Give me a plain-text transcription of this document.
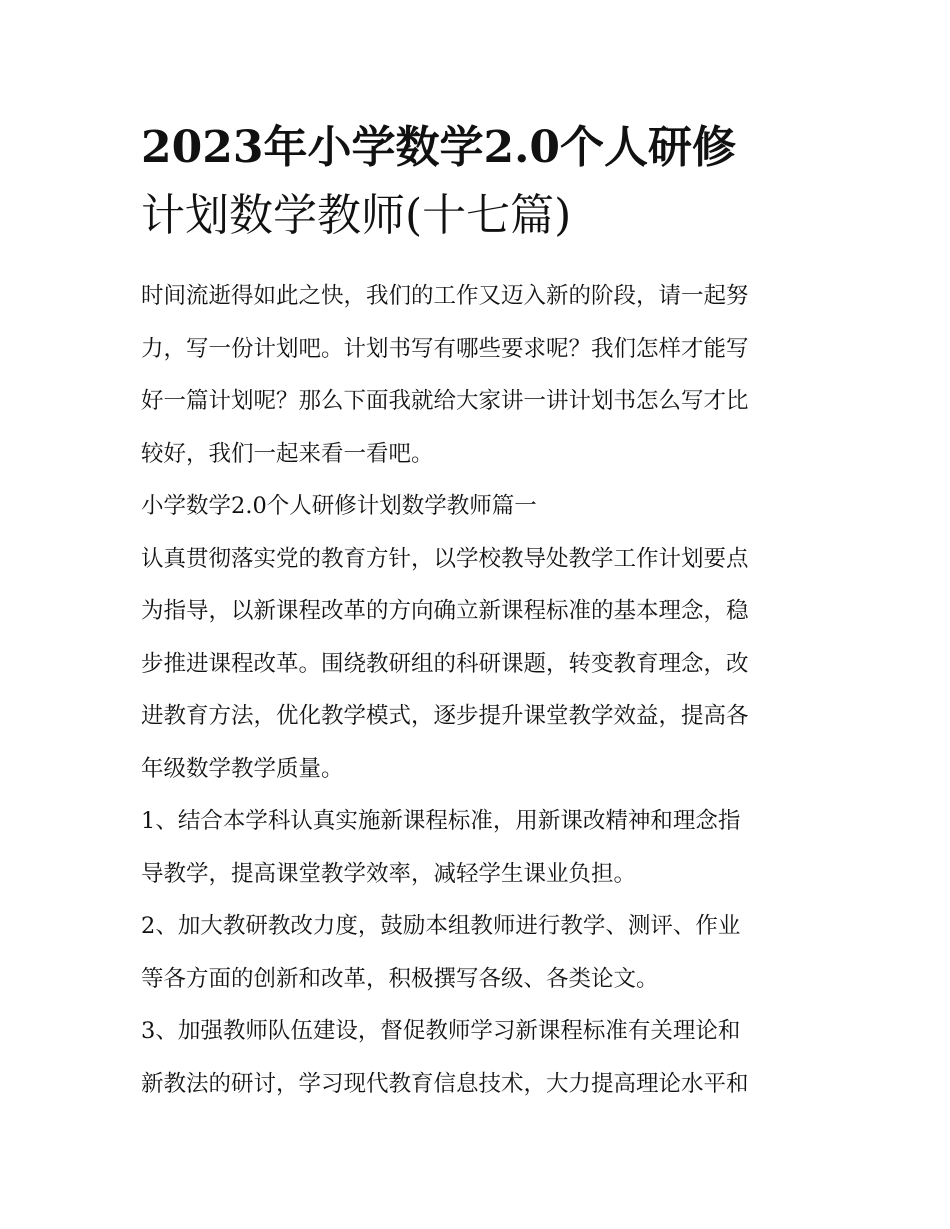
2023年小学数学2.0个人研修
计划数学教师(十七篇)
时间流逝得如此之快，我们的工作又迈入新的阶段，请一起努
力，写一份计划吧。计划书写有哪些要求呢？我们怎样才能写
好一篇计划呢？那么下面我就给大家讲一讲计划书怎么写才比
较好，我们一起来看一看吧。
小学数学2.0个人研修计划数学教师篇一
认真贯彻落实党的教育方针，以学校教导处教学工作计划要点
为指导，以新课程改革的方向确立新课程标准的基本理念，稳
步推进课程改革。围绕教研组的科研课题，转变教育理念，改
进教育方法，优化教学模式，逐步提升课堂教学效益，提高各
年级数学教学质量。
1、结合本学科认真实施新课程标准，用新课改精神和理念指
导教学，提高课堂教学效率，减轻学生课业负担。
2、加大教研教改力度，鼓励本组教师进行教学、测评、作业
等各方面的创新和改革，积极撰写各级、各类论文。
3、加强教师队伍建设，督促教师学习新课程标准有关理论和
新教法的研讨，学习现代教育信息技术，大力提高理论水平和
